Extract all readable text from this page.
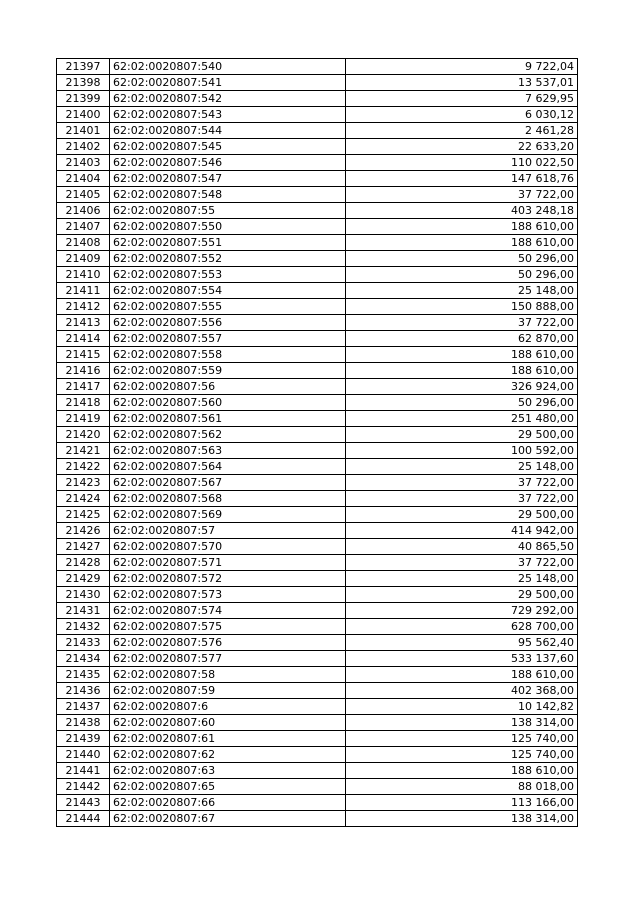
21397	62:02:0020807:540	9 722,04
21398	62:02:0020807:541	13 537,01
21399	62:02:0020807:542	7 629,95
21400	62:02:0020807:543	6 030,12
21401	62:02:0020807:544	2 461,28
21402	62:02:0020807:545	22 633,20
21403	62:02:0020807:546	110 022,50
21404	62:02:0020807:547	147 618,76
21405	62:02:0020807:548	37 722,00
21406	62:02:0020807:55	403 248,18
21407	62:02:0020807:550	188 610,00
21408	62:02:0020807:551	188 610,00
21409	62:02:0020807:552	50 296,00
21410	62:02:0020807:553	50 296,00
21411	62:02:0020807:554	25 148,00
21412	62:02:0020807:555	150 888,00
21413	62:02:0020807:556	37 722,00
21414	62:02:0020807:557	62 870,00
21415	62:02:0020807:558	188 610,00
21416	62:02:0020807:559	188 610,00
21417	62:02:0020807:56	326 924,00
21418	62:02:0020807:560	50 296,00
21419	62:02:0020807:561	251 480,00
21420	62:02:0020807:562	29 500,00
21421	62:02:0020807:563	100 592,00
21422	62:02:0020807:564	25 148,00
21423	62:02:0020807:567	37 722,00
21424	62:02:0020807:568	37 722,00
21425	62:02:0020807:569	29 500,00
21426	62:02:0020807:57	414 942,00
21427	62:02:0020807:570	40 865,50
21428	62:02:0020807:571	37 722,00
21429	62:02:0020807:572	25 148,00
21430	62:02:0020807:573	29 500,00
21431	62:02:0020807:574	729 292,00
21432	62:02:0020807:575	628 700,00
21433	62:02:0020807:576	95 562,40
21434	62:02:0020807:577	533 137,60
21435	62:02:0020807:58	188 610,00
21436	62:02:0020807:59	402 368,00
21437	62:02:0020807:6	10 142,82
21438	62:02:0020807:60	138 314,00
21439	62:02:0020807:61	125 740,00
21440	62:02:0020807:62	125 740,00
21441	62:02:0020807:63	188 610,00
21442	62:02:0020807:65	88 018,00
21443	62:02:0020807:66	113 166,00
21444	62:02:0020807:67	138 314,00
